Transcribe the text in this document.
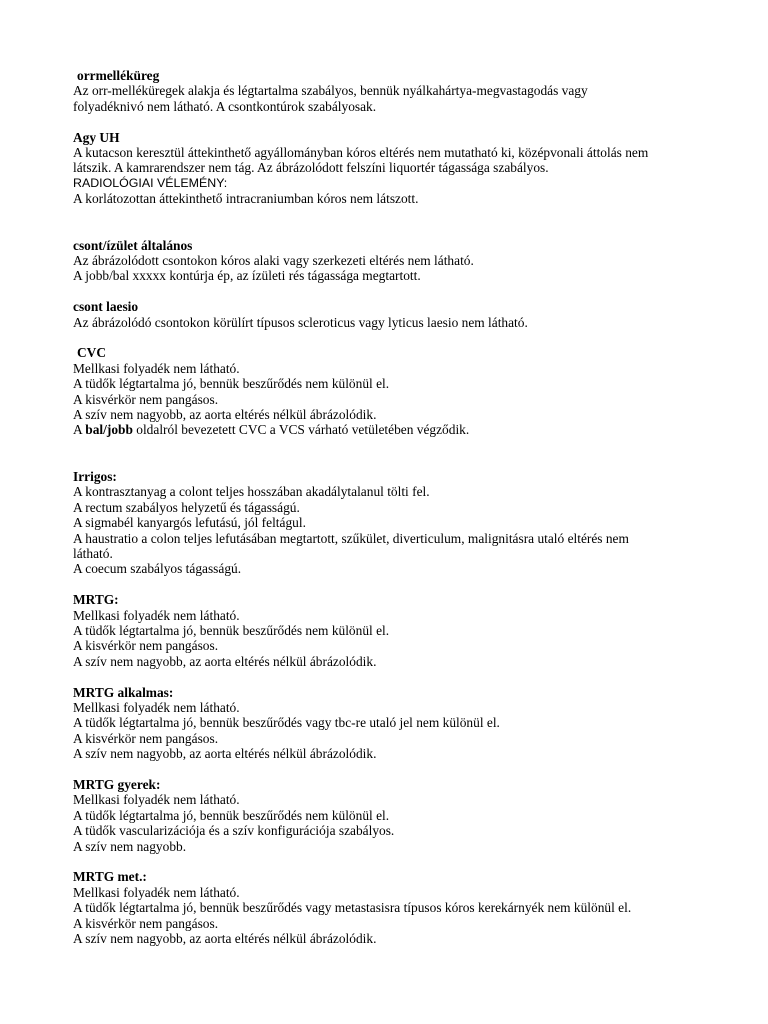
orrmelléküreg
Az orr-melléküregek alakja és légtartalma szabályos, bennük nyálkahártya-megvastagodás vagy
folyadéknivó nem látható. A csontkontúrok szabályosak.
Agy UH
A kutacson keresztül áttekinthető agyállományban kóros eltérés nem mutatható ki, középvonali áttolás nem
látszik. A kamrarendszer nem tág. Az ábrázolódott felszíni liquortér tágassága szabályos.
RADIOLÓGIAI VÉLEMÉNY:
A korlátozottan áttekinthető intracraniumban kóros nem látszott.
csont/ízület általános
Az ábrázolódott csontokon kóros alaki vagy szerkezeti eltérés nem látható.
A jobb/bal xxxxx kontúrja ép, az ízületi rés tágassága megtartott.
csont laesio
Az ábrázolódó csontokon körülírt típusos scleroticus vagy lyticus laesio nem látható.
CVC
Mellkasi folyadék nem látható.
A tüdők légtartalma jó, bennük beszűrődés nem különül el.
A kisvérkör nem pangásos.
A szív nem nagyobb, az aorta eltérés nélkül ábrázolódik.
A bal/jobb oldalról bevezetett CVC a VCS várható vetületében végződik.
Irrigos:
A kontrasztanyag a colont teljes hosszában akadálytalanul tölti fel.
A rectum szabályos helyzetű és tágasságú.
A sigmabél kanyargós lefutású, jól feltágul.
A haustratio a colon teljes lefutásában megtartott, szűkület, diverticulum, malignitásra utaló eltérés nem
látható.
A coecum szabályos tágasságú.
MRTG:
Mellkasi folyadék nem látható.
A tüdők légtartalma jó, bennük beszűrődés nem különül el.
A kisvérkör nem pangásos.
A szív nem nagyobb, az aorta eltérés nélkül ábrázolódik.
MRTG alkalmas:
Mellkasi folyadék nem látható.
A tüdők légtartalma jó, bennük beszűrődés vagy tbc-re utaló jel nem különül el.
A kisvérkör nem pangásos.
A szív nem nagyobb, az aorta eltérés nélkül ábrázolódik.
MRTG gyerek:
Mellkasi folyadék nem látható.
A tüdők légtartalma jó, bennük beszűrődés nem különül el.
A tüdők vascularizációja és a szív konfigurációja szabályos.
A szív nem nagyobb.
MRTG met.:
Mellkasi folyadék nem látható.
A tüdők légtartalma jó, bennük beszűrődés vagy metastasisra típusos kóros kerekárnyék nem különül el.
A kisvérkör nem pangásos.
A szív nem nagyobb, az aorta eltérés nélkül ábrázolódik.
